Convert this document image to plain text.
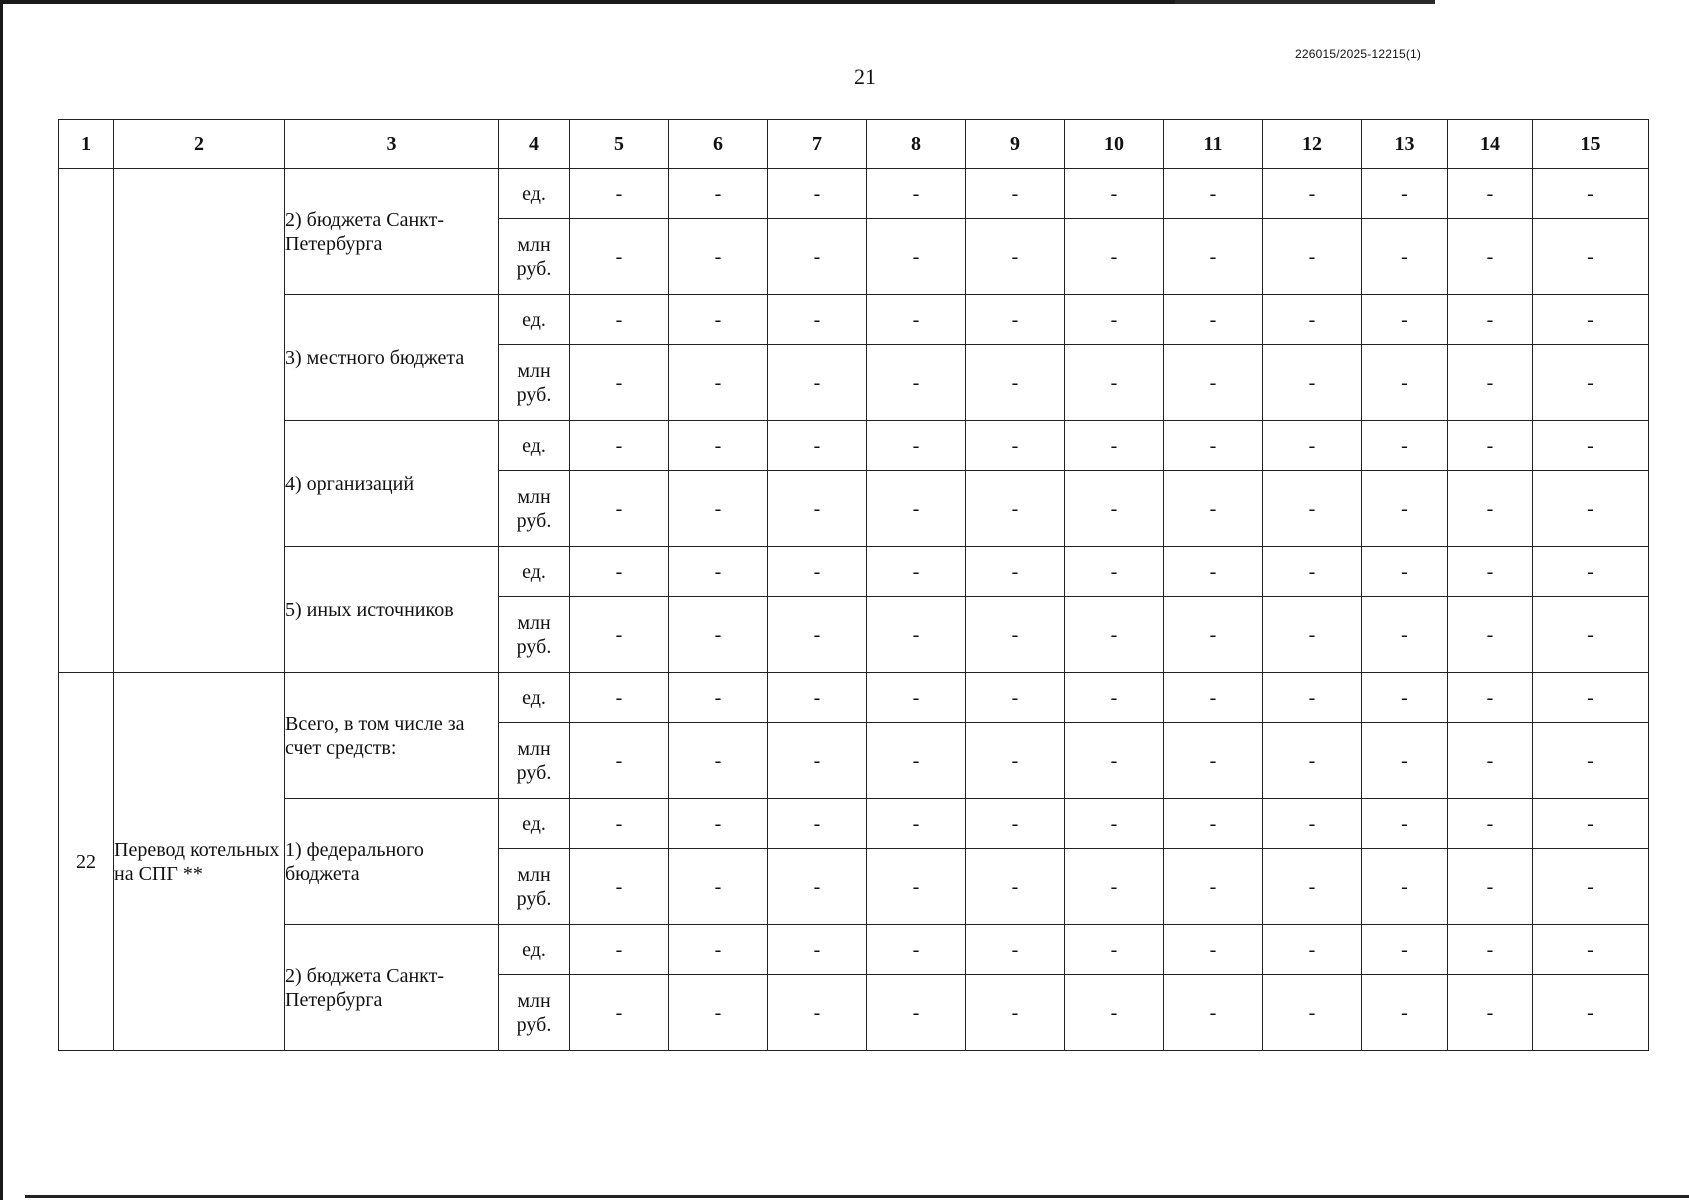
21
226015/2025-12215(1)
1	2	3	4	5	6	7	8	9	10	11	12	13	14	15
		2) бюджета Санкт-Петербурга	ед.	-	-	-	-	-	-	-	-	-	-	-
			млн руб.	-	-	-	-	-	-	-	-	-	-	-
		3) местного бюджета	ед.	-	-	-	-	-	-	-	-	-	-	-
			млн руб.	-	-	-	-	-	-	-	-	-	-	-
		4) организаций	ед.	-	-	-	-	-	-	-	-	-	-	-
			млн руб.	-	-	-	-	-	-	-	-	-	-	-
		5) иных источников	ед.	-	-	-	-	-	-	-	-	-	-	-
			млн руб.	-	-	-	-	-	-	-	-	-	-	-
22	Перевод котельных на СПГ **	Всего, в том числе за счет средств:	ед.	-	-	-	-	-	-	-	-	-	-	-
			млн руб.	-	-	-	-	-	-	-	-	-	-	-
		1) федерального бюджета	ед.	-	-	-	-	-	-	-	-	-	-	-
			млн руб.	-	-	-	-	-	-	-	-	-	-	-
		2) бюджета Санкт-Петербурга	ед.	-	-	-	-	-	-	-	-	-	-	-
			млн руб.	-	-	-	-	-	-	-	-	-	-	-
